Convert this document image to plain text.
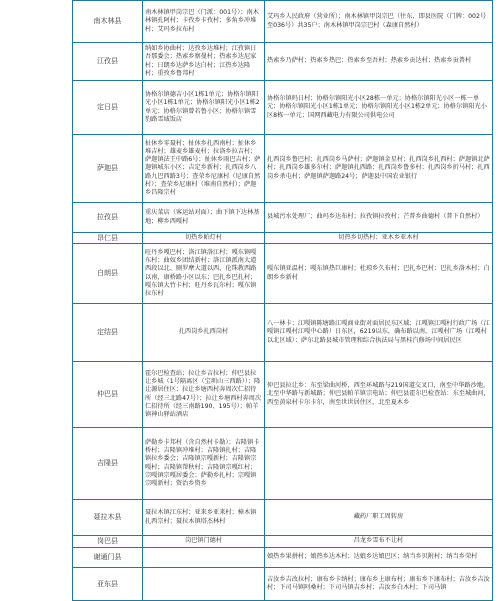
南木林县	南木林镇甲岗宗巴（门派：001号）；南木林镇孔阿村；卡孜乡卡孜村；多角乡冲堆村；艾玛乡拉布村	艾玛乡人民政府（营业所）；南木林镇甲岗宗巴（往东，即县医院（门牌：002号至036号）共35户；南木林镇甲岗宗巴村（森康自然村）
江孜县	纳如乡协曲村；达孜乡达堆村；江孜镇日吾那委会；热索乡察曼村；热索乡达尼家村；日朗乡达萨乡达白村；江热乡达隆村；重孜乡鲁邦村	热索乡乃萨村；热索乡热巴；热索乡至吾村；热索乡贡达村；热索乡贡普村
定日县	协格尔镇德吉小区1栋1单元；协格尔镇阳光小区1栋1单元；协格尔镇阳光小区1栋2单元；协格尔镇曾若鲁小区；协格尔镇雪豹路雪域饭店	协格尔镇吗日村；协格尔镇阳光小区28栋一单元；协格尔镇阳光小区一栋一单元；协格尔镇阳光小区1栋1单元；协格尔镇阳光小区1栋2单元；协格尔镇阳光小区8栋一单元；国网西藏电力有限公司供电公司
萨迦县	扯休乡零聂村；扯休乡扎西南村；扯休乡堆吉村；雄麦乡雄麦村；拉洛乡拉吉村；萨迦镇法王中路6号；扯休乡雨巴吉村；萨迦镇城东小区；吉定乡新村；扎西岗乡八路九巴西路3号；查荣乡尼康村（尼康自然村）；查荣乡尼康村（堆南自然村）；萨迦乡昌隆宗村	扎西岗乡鲁巴村；扎西岗乡马萨村；萨迦镇金星村；扎西岗乡扎西村；萨迦镇北萨村；扎西岗乡雄多尔村；萨迦镇扎西路；扎西岗乡鲁多村；扎西岗乡折马村；扎西岗乡杀屯村；萨迦镇萨迦路24号；萨迦县中国农业银行
拉孜县	重庆菜店（客运站对面）；曲下镇下达林基地；柳乡西嘎村	县城污水处理厂；曲玛乡达布村；拉孜镇拉孜村；芒普乡曲德村（普下自然村）
昂仁县	切热乡帕灯村	切热乡切热村；亚木乡亚木村
白朗县	旺丹乡嘎巴村；洛江镇洛江村；嘎东镇嘎东村；曲奴乡团结新村；洛江镇派南大道西段以北、厕罗摩大道以西，伦珠教西路以南，康桥路小区以东；巴扎乡巴扎村；嘎东镇大竹卡村；旺丹乡瓦尔村；嘎东镇拉东村	嘎东镇亚温村；嘎东镇热巨康村；杜琼乡久布村；巴扎乡巴村；巴扎乡洛木村；白朗乡乡新村
定结县	扎西岗乡扎西岗村	八一林卡；江嘎镇陈塘路江嘎商业街对面居民东区域；江嘎镇江嘎村行政广场（江嘎镇江嘎村江嘎中心路）日东区，6219以东，确布路以南，江嘎村广场（江嘎村以北区域）；萨尔北路县城市管理和综合执法局与黑桂汽修场中间居民区
仲巴县	霍尔巴检查站；拉让乡吉拉村；仲巴县拉让乡城（1号隔离区（宝圳山三西路））；隆让源居住区；拉让乡塘西村奔周次仁招待所（经三北路47号）；拉让乡塘西村奔周次仁招待所（经三南路190、195号）；帕羊镇神山驿站酒店	仲巴县拉让乡：东至梁曲河桥，西至环城路与219国道交叉口，南至中华路沙地，北至中华路与新城路；仲巴县帕羊镇宗电站；仲巴县霍尔巴检查站：东至城曲河，西至黄泉村卡尔卡尔，南至世世居住区，北至夏木乡
吉隆县	萨勒乡卡邦村（含自然村卡勒）；吉隆镇卡桥村；吉隆镇冲堆村；吉隆镇扎村；吉隆镇拉乡委会；吉隆镇宗嘎新村；吉隆镇宗嘎村；吉隆镇帮秋村；吉隆镇宗嘎红村；宗嘎镇宗嘎居委会；萨勒乡扎村；宗嘎镇宗嘎新村；资治乡资乡	
聂拉木县	聂拉木镇江东村；亚来乡亚来村；樟木镇扎西宗村；聂拉木镇塔杰林村	藏药厂职工周转房
岗巴县	岗巴镇门德村	昌龙乡雪布不让村
谢通门县		娘热乡果拼村；娘热乡达木村；达娘乡达娘巴区；纳当乡贝附村；纳当乡荣村
亚东县		吉汝乡吉改拉村；康布乡卡纳村；康布乡上康布村；康布乡下康布村；吉汝乡吉汝村；下司马镇阿桑村；下司马镇吉乡村；吉汝乡白木村；下司马镇
